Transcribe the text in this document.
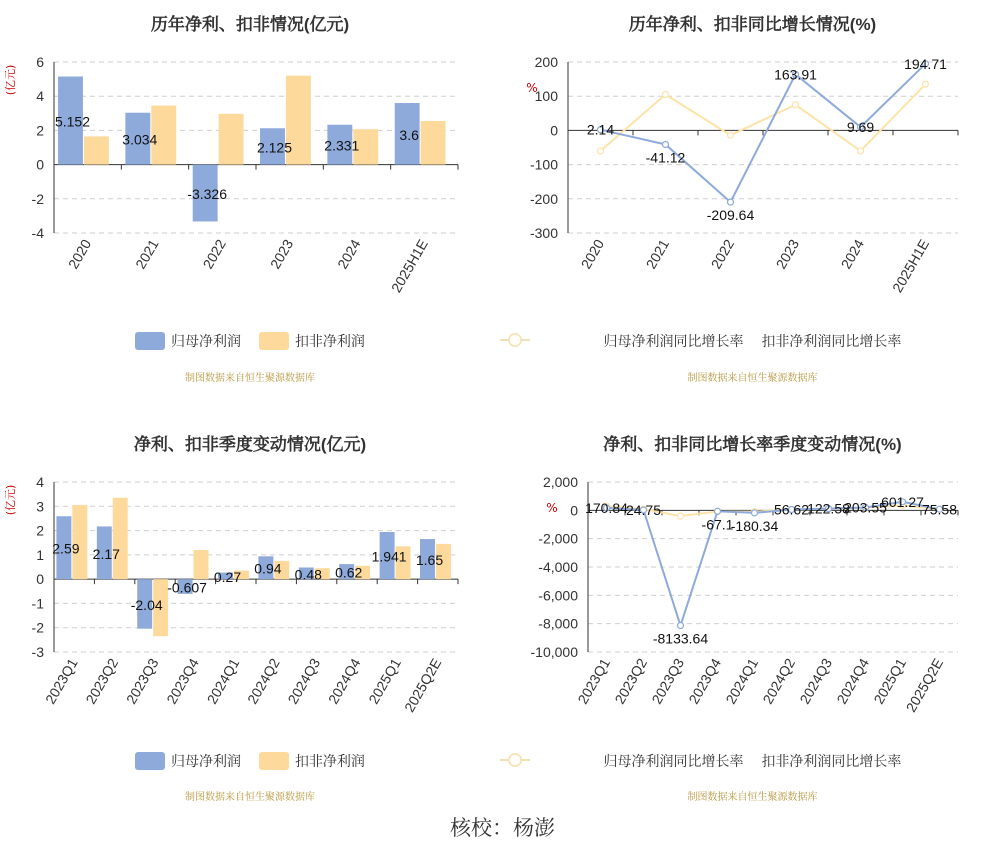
历年净利、扣非情况(亿元)
-4
-2
0
2
4
6
(亿元)
2020	2021	2022	2023	2024 2025H1E
5.152
3.034
-3.326
2.125 2.331
3.6
归母净利润
	扣非净利润
制图数据来自恒生聚源数据库
历年净利、扣非同比增长情况(%)
-300
-200
-100
0
100
200
%
2020	2021	2022	2023	2024 2025H1E
2.14
-41.12
-209.64
163.91
9.69
194.71
归母净利润同比增长率
扣非净利润同比增长率
制图数据来自恒生聚源数据库
净利、扣非季度变动情况(亿元)
-3
-2
-1
0
1
2
3
4
(亿元)
2023Q1 2023Q2 2023Q3 2023Q4 2024Q1 2024Q2 2024Q3 2024Q4 2025Q1
2025Q2E
2.59 2.17
-2.04
-0.607
0.27
0.94 0.48 0.62
1.941 1.65
归母净利润
	扣非净利润
制图数据来自恒生聚源数据库
净利、扣非同比增长率季度变动情况(%)
-10,000
-8,000
-6,000
-4,000
-2,000
0
2,000
%
2023Q1
2023Q2
2023Q3
2023Q4
2024Q1
2024Q2
2024Q3
2024Q4
2025Q1
2025Q2E
170.84
24.75
-8133.64
-67.1
-180.34
56.62
122.58
203.55
601.27
75.58
归母净利润同比增长率
扣非净利润同比增长率
制图数据来自恒生聚源数据库
核校：杨澎
